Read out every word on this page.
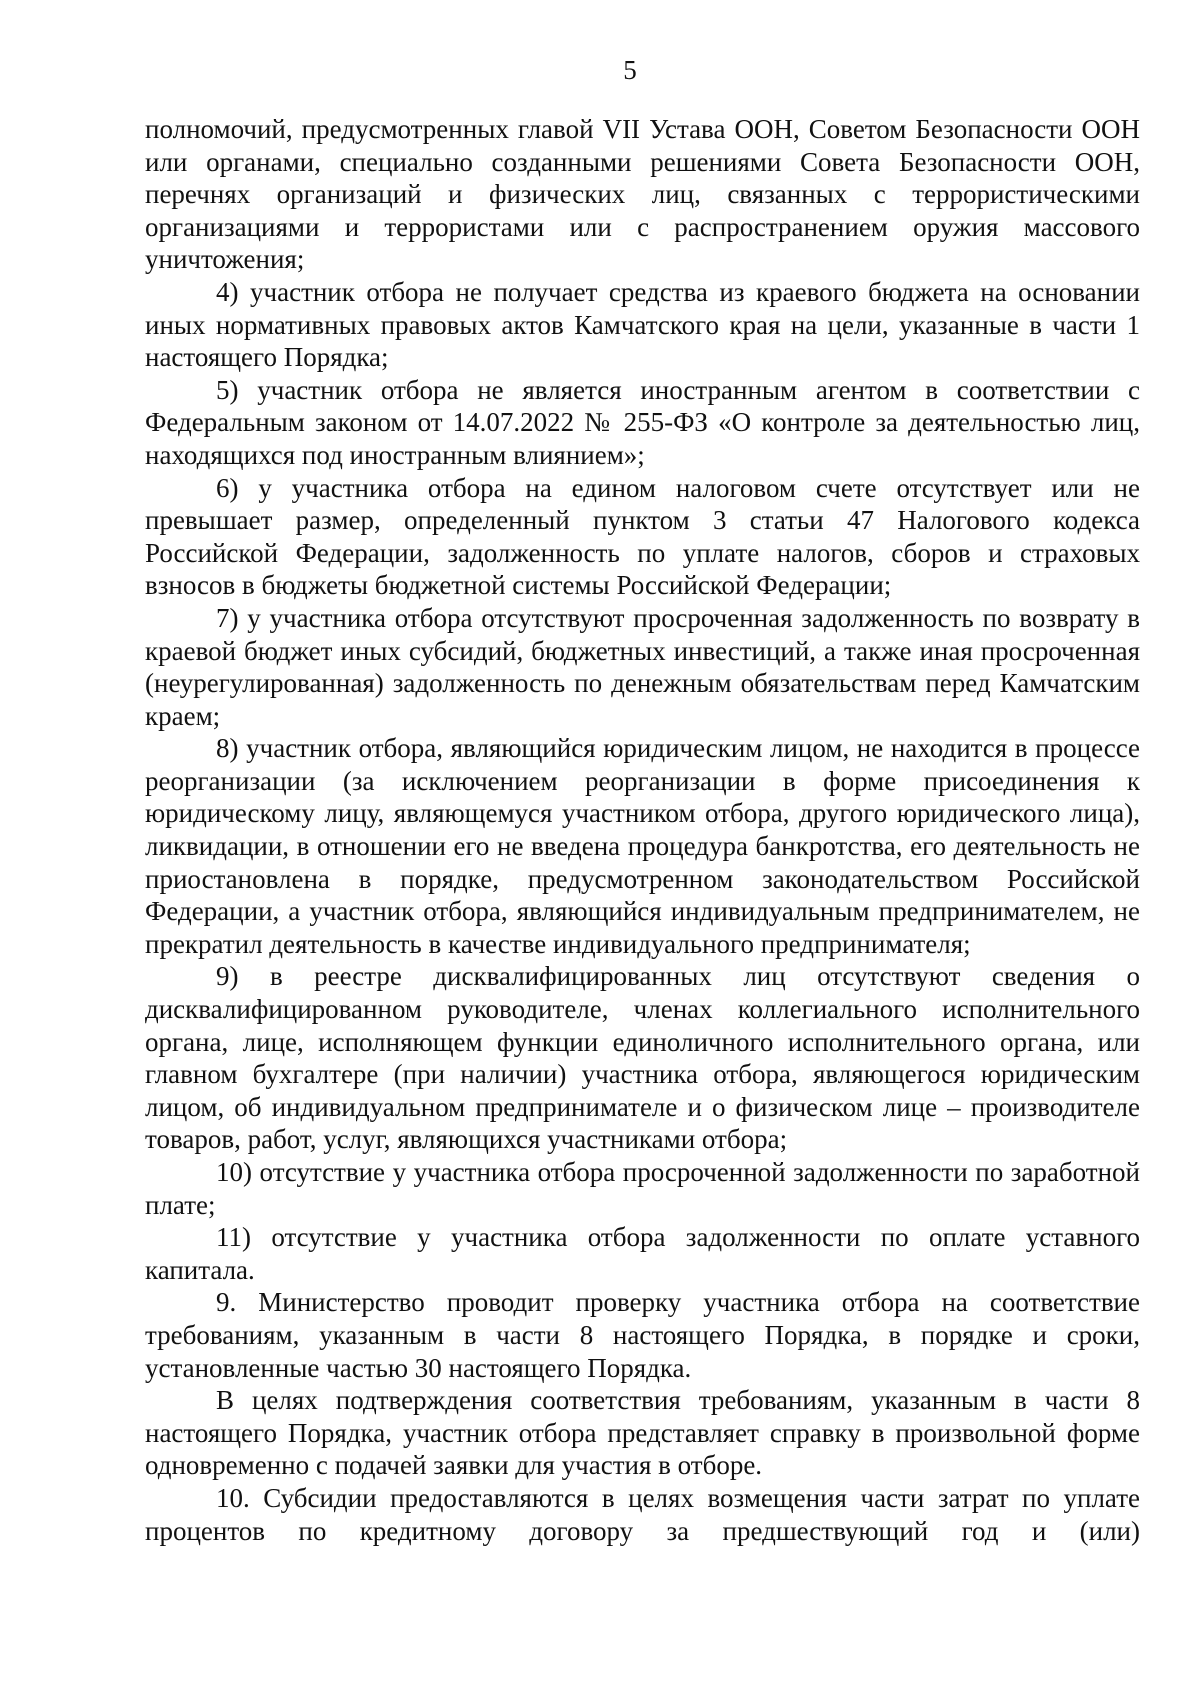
5

полномочий, предусмотренных главой VII Устава ООН, Советом Безопасности ООН или органами, специально созданными решениями Совета Безопасности ООН, перечнях организаций и физических лиц, связанных с террористическими организациями и террористами или с распространением оружия массового уничтожения;

4) участник отбора не получает средства из краевого бюджета на основании иных нормативных правовых актов Камчатского края на цели, указанные в части 1 настоящего Порядка;

5) участник отбора не является иностранным агентом в соответствии с Федеральным законом от 14.07.2022 № 255-ФЗ «О контроле за деятельностью лиц, находящихся под иностранным влиянием»;

6) у участника отбора на едином налоговом счете отсутствует или не превышает размер, определенный пунктом 3 статьи 47 Налогового кодекса Российской Федерации, задолженность по уплате налогов, сборов и страховых взносов в бюджеты бюджетной системы Российской Федерации;

7) у участника отбора отсутствуют просроченная задолженность по возврату в краевой бюджет иных субсидий, бюджетных инвестиций, а также иная просроченная (неурегулированная) задолженность по денежным обязательствам перед Камчатским краем;

8) участник отбора, являющийся юридическим лицом, не находится в процессе реорганизации (за исключением реорганизации в форме присоединения к юридическому лицу, являющемуся участником отбора, другого юридического лица), ликвидации, в отношении его не введена процедура банкротства, его деятельность не приостановлена в порядке, предусмотренном законодательством Российской Федерации, а участник отбора, являющийся индивидуальным предпринимателем, не прекратил деятельность в качестве индивидуального предпринимателя;

9) в реестре дисквалифицированных лиц отсутствуют сведения о дисквалифицированном руководителе, членах коллегиального исполнительного органа, лице, исполняющем функции единоличного исполнительного органа, или главном бухгалтере (при наличии) участника отбора, являющегося юридическим лицом, об индивидуальном предпринимателе и о физическом лице – производителе товаров, работ, услуг, являющихся участниками отбора;

10) отсутствие у участника отбора просроченной задолженности по заработной плате;

11) отсутствие у участника отбора задолженности по оплате уставного капитала.

9. Министерство проводит проверку участника отбора на соответствие требованиям, указанным в части 8 настоящего Порядка, в порядке и сроки, установленные частью 30 настоящего Порядка.

В целях подтверждения соответствия требованиям, указанным в части 8 настоящего Порядка, участник отбора представляет справку в произвольной форме одновременно с подачей заявки для участия в отборе.

10. Субсидии предоставляются в целях возмещения части затрат по уплате процентов по кредитному договору за предшествующий год и (или)
